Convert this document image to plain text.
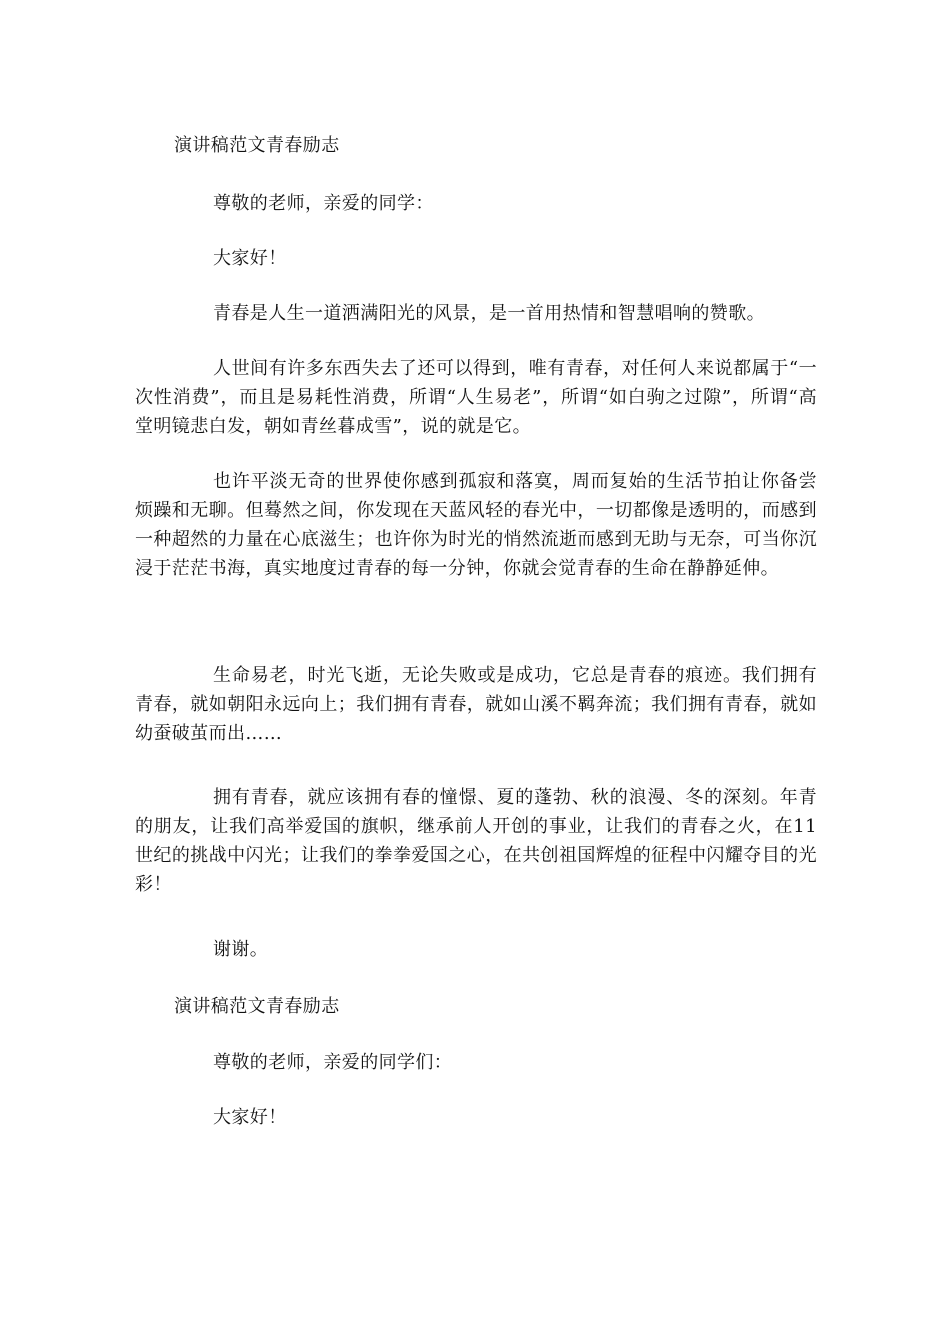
演讲稿范文青春励志

尊敬的老师，亲爱的同学：

大家好！

青春是人生一道洒满阳光的风景，是一首用热情和智慧唱响的赞歌。

人世间有许多东西失去了还可以得到，唯有青春，对任何人来说都属于“一次性消费”，而且是易耗性消费，所谓“人生易老”，所谓“如白驹之过隙”，所谓“高堂明镜悲白发，朝如青丝暮成雪”，说的就是它。

也许平淡无奇的世界使你感到孤寂和落寞，周而复始的生活节拍让你备尝烦躁和无聊。但蓦然之间，你发现在天蓝风轻的春光中，一切都像是透明的，而感到一种超然的力量在心底滋生；也许你为时光的悄然流逝而感到无助与无奈，可当你沉浸于茫茫书海，真实地度过青春的每一分钟，你就会觉青春的生命在静静延伸。

生命易老，时光飞逝，无论失败或是成功，它总是青春的痕迹。我们拥有青春，就如朝阳永远向上；我们拥有青春，就如山溪不羁奔流；我们拥有青春，就如幼蚕破茧而出……

拥有青春，就应该拥有春的憧憬、夏的蓬勃、秋的浪漫、冬的深刻。年青的朋友，让我们高举爱国的旗帜，继承前人开创的事业，让我们的青春之火，在11世纪的挑战中闪光；让我们的拳拳爱国之心，在共创祖国辉煌的征程中闪耀夺目的光彩！

谢谢。

演讲稿范文青春励志

尊敬的老师，亲爱的同学们：

大家好！
